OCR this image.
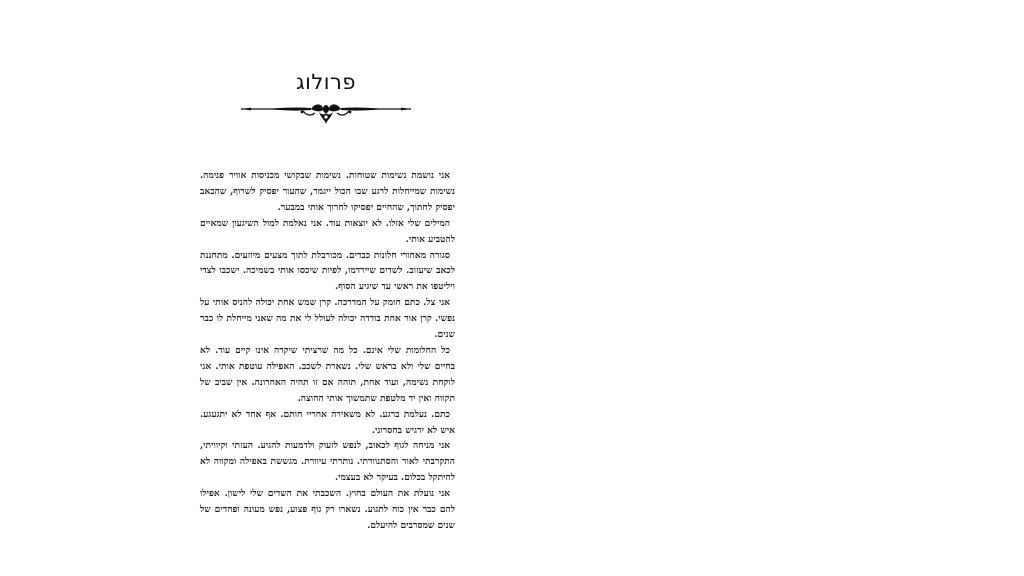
פרולוג

אני נושמת נשימות שטוחות. נשימות שבקושי מכניסות אוויר פנימה. נשימות שמייחלות לרגע שבו הכול ייגמר, שהעור יפסיק לשרוף, שהכאב יפסיק לחתוך, שהחיים יפסיקו לחרוך אותי במבער.

המילים שלי אזלו. לא יוצאות עוד. אני נאלמת למול השיגעון שמאיים להטביע אותי.

סגורה מאחורי חלונות כבדים. מכורבלת לתוך מצעים מיוזעים. מתחננת לכאב שיעזוב. לשדים שיירדמו, לפיות שיכסו אותי בשמיכה. ישכבו לצדי ויליטפו את ראשי עד שיגיע הסוף.

אני צל. כתם חומק על המדרכה. קרן שמש אחת יכולה להניס אותי על נפשי. קרן אור אחת בודדה יכולה לעולל לי את מה שאני מייחלת לו כבר שנים.

כל החלומות שלי אינם. כל מה שרציתי שיקרה אינו קיים עוד. לא בחיים שלי ולא בראש שלי. נשארת לשכב. האפילה עוטפת אותי. אני לוקחת נשימה, ועוד אחת, תוהה אם זו תהיה האחרונה. אין שביב של תקווה ואין יד מלטפת שתמשוך אותי החוצה.

כתם. נעלמת ברגע. לא משאירה אחריי חותם. אף אחד לא יתגעגע. איש לא ירגיש בחסרוני.

אני מניחה לגוף לכאוב, לנפש לזעוק ולדמעות להגיע. העזתי וקיוויתי, התקרבתי לאור והסתנוורתי. נותרתי עיוורת. מגששת באפילה ומקווה לא להיתקל בכלום. בעיקר לא בעצמי.

אני נועלת את העולם בחוץ. השכבתי את השדים שלי לישון. אפילו להם כבר אין כוח לתגוע. נשארו רק גוף פצוע, נפש מעונה ופחדים של שנים שמסרבים להיעלם.
